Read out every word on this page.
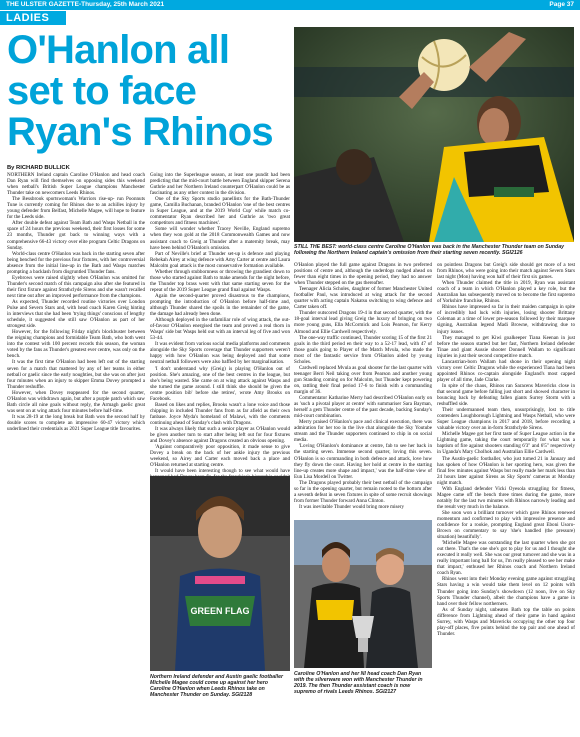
THE ULSTER GAZETTE-Thursday, 25th March 2021	Page 37
LADIES
O'Hanlon all set to face Ryan's Rhinos
By RICHARD BULLICK

NORTHERN Ireland captain Caroline O'Hanlon and head coach Dan Ryan will find themselves on opposing sides this weekend when netball's British Super League champions Manchester Thunder take on newcomers Leeds Rhinos.

The Bessbrook sportswoman's Warriors rise-up- run Poonnuts Tune is currently coming for Rhinos due to an achilles injury by young defender from Belfast, Michelle Magee, will hope to feature for the Leeds side.

After double defeat against Team Bath and Wasps Netball in the space of 24 hours the previous weekend, their first losses for some 23 months, Thunder got back to winning ways with a comprehensive 66-43 victory over elite program Celtic Dragons on Sunday.

World-class centre O'Hanlon was back in the starting seven after being benched for the previous four fixtures, with her controversial absence from the initial line-up in the Bath and Wasps matches prompting a backlash from disgruntled Thunder fans.

Eyebrows were raised slightly when O'Hanlon was omitted for Thunder's second match of this campaign also after she featured in their first fixture against Strathclyde Sirens and she wasn't recalled next time out after an improved performance from the champions.

As expected, Thunder recorded routine victories over London Pulse and Severn Stars and, with head coach Karen Greig hinting in interviews that she had been 'trying things' conscious of lengthy schedule, it suggested she still saw O'Hanlon as part of her strongest side.

However, for the following Friday night's blockbuster between the reigning champions and formidable Team Bath, who both went into the contest with 100 percent records this season, the woman voted by the fans as Thunder's greatest ever centre, was only on the bench.

It was the first time O'Hanlon had been left out of the starting seven for a match that mattered by any of her teams in either netball or gaelic since the early noughties, but she was on after just four minutes when an injury to skipper Emma Dovey prompted a Thunder reshuffle.

However, when Dovey reappeared for the second quarter, O'Hanlon was withdrawn again, but after a purple patch which saw Bath circle all nine goals without reply, the Armagh gaelic great was sent on at wing attack four minutes before half-time.

It was 28-19 at the long break but Bath won the second half by double scores to complete an impressive 60-47 victory which underlined their credentials as 2021 Super League title favourites.

Going into the Superleague season, at least one pundit had been predicting that the mid-court battle between England skipper Serena Guthrie and her Northern Ireland counterpart O'Hanlon could be as fascinating as any other contest in the division.

One of the Sky Sports studio panellists for the Bath-Thunder game, Camilla Buchanan, branded O'Hanlon 'one of the best centres in Super League, and at the 2019 World Cup' while match co-commentator Ryan described her and Guthrie as 'two great competitors and fitness machines'.

Some will wonder whether Tracey Neville, England supremo when they won gold at the 2018 Commonwealth Games and now assistant coach to Greig at Thunder after a maternity break, may have been behind O'Hanlon's omission.

Part of Neville's brief at Thunder set-up is defence and playing Rebekah Airey at wing defence with Amy Carter at centre and Laura Malcolm goal attack is the most conservative formation available.

Whether through stubbornness or throwing the grandiest down to those who started against Bath to make amends for the night before, the Thunder top brass went with that same starting seven for the repeat of the 2019 Super League grand final against Wasps.

Again the second-quarter proved disastrous to the champions, prompting the introduction of O'Hanlon before half-time and, although Thunder shared the spoils in the remainder of the game, the damage had already been done.

Although deployed in the unfamiliar role of wing attack, the out-of-favour O'Hanlon energised the team and proved a real thorn in Wasps' side but Wasps held out with an interval leg of five and won 53-44.

It was evident from various social media platforms and comments alongside the Sky Sports coverage that Thunder supporters weren't happy with how O'Hanlon was being deployed and that some neutral netball followers were also baffled by her marginalisation.

'I don't understand why (Greig) is playing O'Hanlon out of position. She's amazing, one of the best centres in the league, but she's being wasted. She came on at wing attack against Wasps and she turned the game around. I still think she should be given the centre position bib' before she retires', wrote Amy Brooks on Facebook.

Based on likes and replies, Brooks wasn't a lone voice and those chipping in included Thunder fans from as far afield as their own fanbase. Joyce Myda's homeland of Malawi, with the comments continuing ahead of Sunday's clash with Dragons.

It was always likely that such a senior player as O'Hanlon would be given another turn to start after being left out for four fixtures and Dovey's absence against Dragons created an obvious opening.

'Against comparatively poor opposition, it made sense to give Dovey a break on the back of her ankle injury the previous weekend, so Airey and Carter each moved back a place and O'Hanlon returned at starting centre.

It would have been interesting though to see what would have

STILL THE BEST: world-class centre Caroline O'Hanlon was back in the Manchester Thunder team on Sunday following the Northern Ireland captain's omission from their starting seven recently. SGI2126

O'Hanlon played the full game against Dragons in two preferred positions of centre and, although the underdogs nudged ahead on fewer than eight times in the opening period, they had no answer when Thunder stepped on the gas thereafter.

Teenager Alicia Scholes, daughter of former Manchester United footballer Paul, was introduced at wing attack for the second quarter with acting captain Nakatsu switching to wing defence and Carter taken off.

Thunder outscored Dragons 19-4 in that second quarter, with the 18-goal interval lead giving Greig the luxury of bringing on two more young guns, Ella McCormick and Lois Pearson, for Kerry Almond and Ellie Cardwell respectively.

The one-way traffic continued, Thunder scoring 15 of the first 21 goals in the third period en their way to a 52-17 lead, with 47 of those goals going to Player of the Match Mvula, who made the most of the fantastic service from O'Hanlon aided by young Scholes.

Cardwell replaced Mvula as goal shooter for the last quarter with teenager Berri Neil taking over from Pearson and another young gun Standing coming on for Malcolm, but Thunder kept powering on, rattling their final period 17-6 to finish with a commanding margin of 36.

Commentator Katharine Merry had described O'Hanlon early on as 'such a pivotal player at centre' with summariser Sara Bayman, herself a gem Thunder centre of the past decade, backing Sunday's mid-court combination.

Merry praised O'Hanlon's pace and clinical execution, there was admiration for her too in the live chat alongside the Sky Youtube stream and the Thunder supporters continued to chip in on social media.

'Loving O'Hanlon's dominance at centre, fab to see her back in the starting seven. Immense second quarter, loving this seven. O'Hanlon is so commanding in both defence and attack, love how they fly down the court. Having her hold at centre in the starting line-up creates more shape and impact,' was the half-time view of Eun Lisa Mordell on Twitter.

The Dragons played probably their best netball of the campaign so far in the opening quarter, but remain rooted to the bottom after a seventh defeat in seven fixtures in spite of some recruit showings from former Thunder forward Anna Clinton.

It was inevitable Thunder would bring more misery

on pointless Dragons but Greig's side should get more of a test from Rhinos, who were going into their match against Severn Stars last night (Mon) having won half of their first six games.

When Thunder claimed the title in 2019, Ryan was assistant coach of a team in which O'Hanlon played a key role, but the Australian has subsequently moved on to become the first supremo of Yorkshire franchise, Rhinos.

Rhinos have impressed so far in their maiden campaign in spite of incredibly bad luck with injuries, losing shooter Brittany Coleman at a time of lower pre-season followed by their marquee signing, Australian legend Madi Browne, withdrawing due to injury issues.

They managed to get Kiwi goalkeeper Tiana Keenan in just before the season started but her fast, Northern Ireland defender Tinae and giant Aussie shooter Donnell Wallam to significant injuries in just their second competitive match.

Lancastrian-born Wallam had shone in their opening night victory over Celtic Dragons while the experienced Tiana had been appointed Rhinos co-captain alongside England's most capped player of all time, Jade Clarke.

In spite of the chaos, Rhinos ran Saracens Mavericks close in that second game before falling just short and showed character in bouncing back by defeating fallen giants Surrey Storm with a reshuffled side.

Their undermanned team then, unsurprisingly, lost to title contenders Loughborough Lightning and Wasps Netball, who were Super League champions in 2017 and 2018, before recording a valuable victory over an in-form Strathclyde Sirens.

Michelle Magee got her first taste of Super League action in the Lightning game, taking the court temporarily for what was a baptism of fire against shooters standing 6'3" and 6'5" respectively in Uganda's Mary Cholhok and Australian Ellie Cardwell.

The Austin-gaelic footballer, who just turned 21 in January and has spoken of how O'Hanlon is her sporting hero, was given the final few minutes against Wasps but really made her mark less than 24 hours later against Sirens as Sky Sports' cameras at Monday night match.

With England defender Vicki Oyesola struggling for fitness, Magee came off the bench three times during the game, more notably for the last two minutes with Rhinos narrowly leading and the result very much in the balance.

She soon won a brilliant turnover which gave Rhinos renewed momentum and confirmed to play with impressive presence and confidence for a rookie, prompting England great Eboni Usoro-Brown on commentary to say 'she's handled (the pressure) situation) beautifully'.

'Michelle Magee was outstanding the last quarter when she got out there. That's the one she's got to play for us and I thought she executed it really well. She was our great turnover and she was in a really important long ball for us, I'm really pleased to see her make that impact,' enthused her Rhinos coach and Northern Ireland coach Ryan.

Rhinos went into their Monday evening game against struggling Stars having a win would take them level on 12 points with Thunder going into Sunday's showdown (12 noon, live on Sky Sports Thunder channel), albeit the champions have a game in hand over their fellow northerners.

As of Sunday night, unbeaten Bath top the table on points difference from Lightning ahead of their game in hand against Surrey, with Wasps and Mavericks occupying the other top four play-off places, five points behind the top pair and one ahead of Thunder.

GREEN FLAG
Northern Ireland defender and Austin gaelic footballer Michelle Magee could come up against her hero Caroline O'Hanlon when Leeds Rhinos take on Manchester Thunder on Sunday. SGI2128
Caroline O'Hanlon and her NI head coach Dan Ryan with the silverware won with Manchester Thunder in 2019. The then Thunder assistant coach is now supremo of rivals Leeds Rhinos. SGI2127
